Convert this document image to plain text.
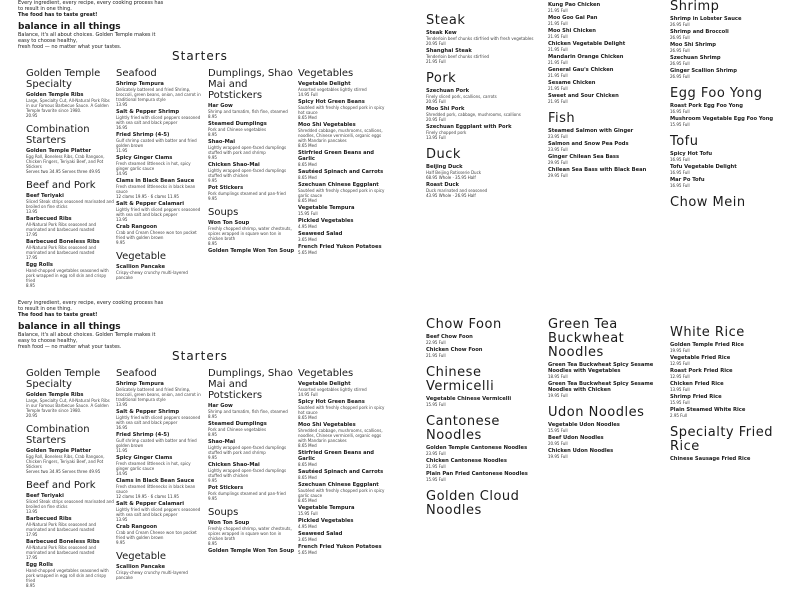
Every ingredient, every recipe, every cooking process has to result in one thing.
The food has to taste great!
balance in all things
Balance, it's all about choices. Golden Temple makes it easy to choose healthy,
fresh food — no matter what your tastes.
Every ingredient, every recipe, every cooking process has to result in one thing.
The food has to taste great!
balance in all things
Balance, it's all about choices. Golden Temple makes it easy to choose healthy,
fresh food — no matter what your tastes.
Starters
Starters
Golden Temple Specialty
Golden Temple Ribs
Large, Specialty Cut, All-Natural Pork Ribs in our Famous Barbecue Sauce. A Golden Temple favorite since 1980.
20.95
Combination Starters
Golden Temple Platter
Egg Roll, Boneless Ribs, Crab Rangoon, Chicken Fingers, Teriyaki Beef, and Pot Stickers
Serves two 34.95 Serves three 49.95
Beef and Pork
Beef Teriyaki
Sliced Steak strips seasoned marinated and broiled on fine sticks
13.95
Barbecued Ribs
All-Natural Pork Ribs seasoned and marinated and barbecued roasted
17.95
Barbecued Boneless Ribs
All-Natural Pork Ribs seasoned and marinated and barbecued roasted
17.95
Egg Rolls
Hand-chopped vegetables seasoned with pork wrapped in egg roll skin and crispy fried
8.95
Seafood
Shrimp Tempura
Delicately battered and fried Shrimp, broccoli, green beans, onion, and carrot in traditional tempura style
13.95
Salt & Pepper Shrimp
Lightly fried with sliced peppers seasoned with sea salt and black pepper
16.95
Fried Shrimp (4-5)
Gulf shrimp coated with batter and fried golden brown
11.95
Spicy Ginger Clams
Fresh steamed littleneck in hot, spicy ginger garlic sauce
14.95
Clams in Black Bean Sauce
Fresh steamed littlenecks in black bean sauce
12 clams 19.95 · 6 clams 11.95
Salt & Pepper Calamari
Lightly fried with sliced peppers seasoned with sea salt and black pepper
13.95
Crab Rangoon
Crab and Cream Cheese won ton pocket fried with golden brown
9.95
Vegetable
Scallion Pancake
Crispy-chewy crunchy multi-layered pancake
Dumplings, Shao Mai and Potstickers
Har Gow
Shrimp and tamatim, fish fine, steamed
8.95
Steamed Dumplings
Pork and Chinese vegetables
8.95
Shao-Mai
Lightly wrapped open-faced dumplings stuffed with pork and shrimp
9.95
Chicken Shao-Mai
Lightly wrapped open-faced dumplings stuffed with chicken
9.95
Pot Stickers
Pork dumplings steamed and pan-fried
9.95
Soups
Won Ton Soup
Freshly chopped shrimp, water chestnuts, spices wrapped in square won ton in chicken broth
8.95
Golden Temple Won Ton Soup
Vegetables
Vegetable Delight
Assorted vegetables lightly stirred
14.95 Full
Spicy Hot Green Beans
Sautéed with freshly chopped pork in spicy hot sauce
8.65 Med
Moo Shi Vegetables
Shredded cabbage, mushrooms, scallions, noodles, Chinese vermicelli, organic eggs with Mandarin pancakes
8.65 Med
Stirfried Green Beans and Garlic
8.65 Med
Sautéed Spinach and Carrots
8.65 Med
Szechuan Chinese Eggplant
Sautéed with freshly chopped pork in spicy garlic sauce
8.65 Med
Vegetable Tempura
15.95 Full
Pickled Vegetables
4.95 Med
Seaweed Salad
3.65 Med
French Fried Yukon Potatoes
5.65 Med
Golden Temple Specialty
Golden Temple Ribs
Large, Specialty Cut, All-Natural Pork Ribs in our Famous Barbecue Sauce. A Golden Temple favorite since 1980.
20.95
Combination Starters
Golden Temple Platter
Egg Roll, Boneless Ribs, Crab Rangoon, Chicken Fingers, Teriyaki Beef, and Pot Stickers
Serves two 34.95 Serves three 49.95
Beef and Pork
Beef Teriyaki
Sliced Steak strips seasoned marinated and broiled on fine sticks
13.95
Barbecued Ribs
All-Natural Pork Ribs seasoned and marinated and barbecued roasted
17.95
Barbecued Boneless Ribs
All-Natural Pork Ribs seasoned and marinated and barbecued roasted
17.95
Egg Rolls
Hand-chopped vegetables seasoned with pork wrapped in egg roll skin and crispy fried
8.95
Seafood
Shrimp Tempura
Delicately battered and fried Shrimp, broccoli, green beans, onion, and carrot in traditional tempura style
13.95
Salt & Pepper Shrimp
Lightly fried with sliced peppers seasoned with sea salt and black pepper
16.95
Fried Shrimp (4-5)
Gulf shrimp coated with batter and fried golden brown
11.95
Spicy Ginger Clams
Fresh steamed littleneck in hot, spicy ginger garlic sauce
14.95
Clams in Black Bean Sauce
Fresh steamed littlenecks in black bean sauce
12 clams 19.95 · 6 clams 11.95
Salt & Pepper Calamari
Lightly fried with sliced peppers seasoned with sea salt and black pepper
13.95
Crab Rangoon
Crab and Cream Cheese won ton pocket fried with golden brown
9.95
Vegetable
Scallion Pancake
Crispy-chewy crunchy multi-layered pancake
Dumplings, Shao Mai and Potstickers
Har Gow
Shrimp and tamatim, fish fine, steamed
8.95
Steamed Dumplings
Pork and Chinese vegetables
8.95
Shao-Mai
Lightly wrapped open-faced dumplings stuffed with pork and shrimp
9.95
Chicken Shao-Mai
Lightly wrapped open-faced dumplings stuffed with chicken
9.95
Pot Stickers
Pork dumplings steamed and pan-fried
9.95
Soups
Won Ton Soup
Freshly chopped shrimp, water chestnuts, spices wrapped in square won ton in chicken broth
8.95
Golden Temple Won Ton Soup
Vegetables
Vegetable Delight
Assorted vegetables lightly stirred
14.95 Full
Spicy Hot Green Beans
Sautéed with freshly chopped pork in spicy hot sauce
8.65 Med
Moo Shi Vegetables
Shredded cabbage, mushrooms, scallions, noodles, Chinese vermicelli, organic eggs with Mandarin pancakes
8.65 Med
Stirfried Green Beans and Garlic
8.65 Med
Sautéed Spinach and Carrots
8.65 Med
Szechuan Chinese Eggplant
Sautéed with freshly chopped pork in spicy garlic sauce
8.65 Med
Vegetable Tempura
15.95 Full
Pickled Vegetables
4.95 Med
Seaweed Salad
3.65 Med
French Fried Yukon Potatoes
5.65 Med
Steak
Steak Kew
Tenderloin beef chunks stirfried with fresh vegetables
20.95 Full
Shanghai Steak
Tenderloin beef chunks stirfried
21.95 Full
Pork
Szechuan Pork
Finely sliced pork, scallions, carrots
20.95 Full
Moo Shi Pork
Shredded pork, cabbage, mushrooms, scallions
20.95 Full
Szechuan Eggplant with Pork
Finely chopped pork
13.95 Full
Duck
Beijing Duck
Half Beijing Rotisserie Duck
68.95 Whole · 35.95 Half
Roast Duck
Duck marinated and seasoned
43.95 Whole · 26.95 Half
Kung Pao Chicken
21.95 Full
Moo Goo Gai Pan
21.95 Full
Moo Shi Chicken
21.95 Full
Chicken Vegetable Delight
21.95 Full
Mandarin Orange Chicken
21.95 Full
General Gau's Chicken
21.95 Full
Sesame Chicken
21.95 Full
Sweet and Sour Chicken
21.95 Full
Fish
Steamed Salmon with Ginger
23.95 Full
Salmon and Snow Pea Pods
23.95 Full
Ginger Chilean Sea Bass
29.95 Full
Chilean Sea Bass with Black Bean
29.95 Full
Shrimp
Shrimp in Lobster Sauce
26.95 Full
Shrimp and Broccoli
26.95 Full
Moo Shi Shrimp
26.95 Full
Szechuan Shrimp
26.95 Full
Ginger Scallion Shrimp
26.95 Full
Egg Foo Yong
Roast Pork Egg Foo Yong
16.95 Full
Mushroom Vegetable Egg Foo Yong
15.95 Full
Tofu
Spicy Hot Tofu
16.95 Full
Tofu Vegetable Delight
16.95 Full
Mar Po Tofu
16.95 Full
Chow Mein
Chow Foon
Beef Chow Foon
22.95 Full
Chicken Chow Foon
21.95 Full
Chinese Vermicelli
Vegetable Chinese Vermicelli
15.95 Full
Cantonese Noodles
Golden Temple Cantonese Noodles
23.95 Full
Chicken Cantonese Noodles
21.95 Full
Plain Pan Fried Cantonese Noodles
15.95 Full
Golden Cloud Noodles
Green Tea Buckwheat Noodles
Green Tea Buckwheat Spicy Sesame Noodles with Vegetables
18.95 Full
Green Tea Buckwheat Spicy Sesame Noodles with Chicken
19.95 Full
Udon Noodles
Vegetable Udon Noodles
15.95 Full
Beef Udon Noodles
20.95 Full
Chicken Udon Noodles
19.95 Full
White Rice
Golden Temple Fried Rice
19.95 Full
Vegetable Fried Rice
12.95 Full
Roast Pork Fried Rice
12.95 Full
Chicken Fried Rice
13.95 Full
Shrimp Fried Rice
15.95 Full
Plain Steamed White Rice
2.95 Full
Specialty Fried Rice
Chinese Sausage Fried Rice
